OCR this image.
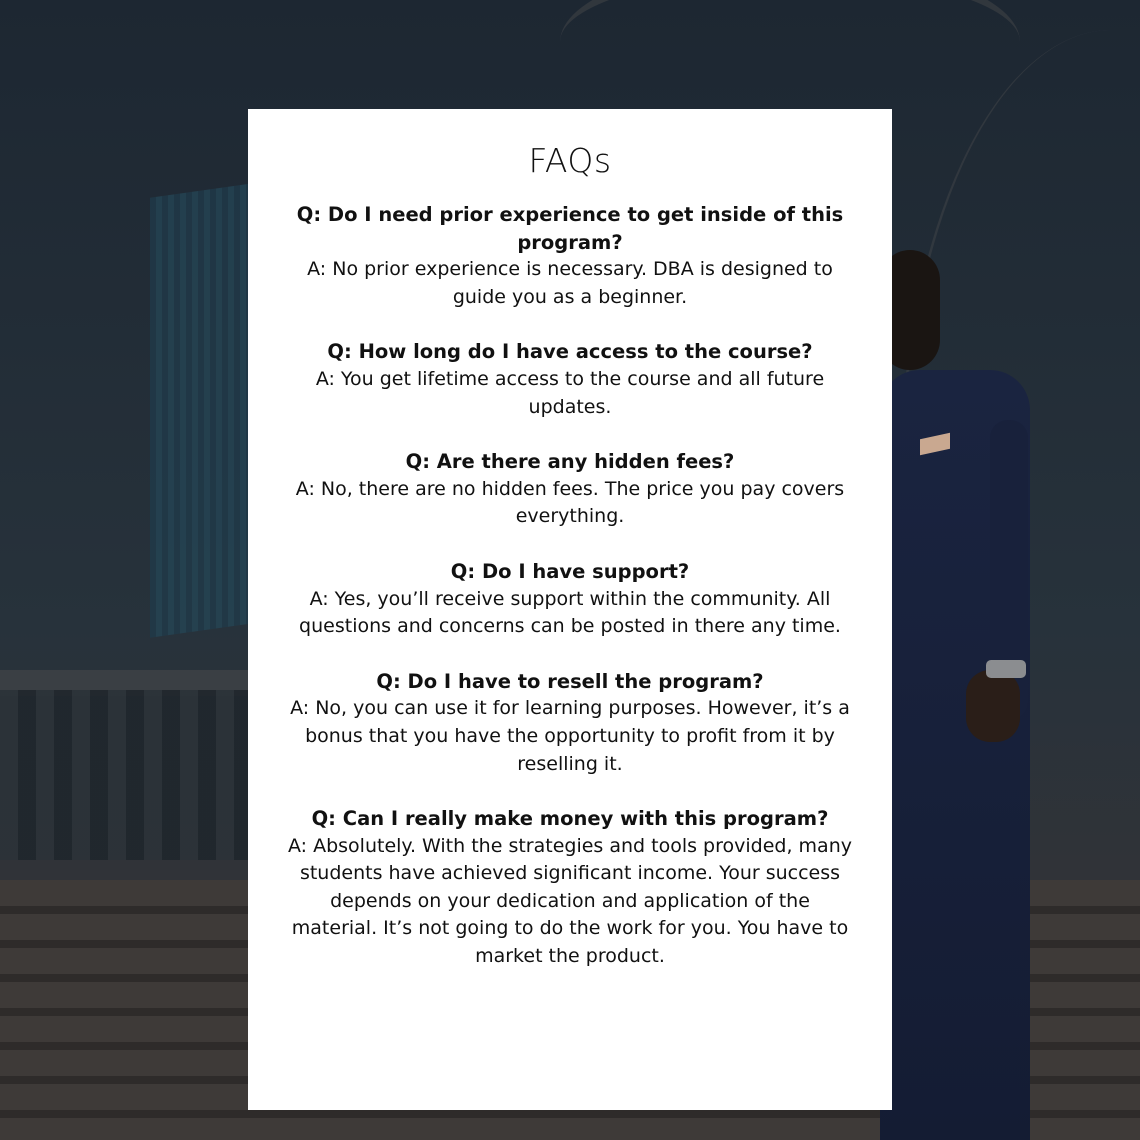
FAQs

Q: Do I need prior experience to get inside of this program?

A: No prior experience is necessary. DBA is designed to guide you as a beginner.

Q: How long do I have access to the course?

A: You get lifetime access to the course and all future updates.

Q: Are there any hidden fees?

A: No, there are no hidden fees. The price you pay covers everything.

Q: Do I have support?

A: Yes, you’ll receive support within the community. All questions and concerns can be posted in there any time.

Q: Do I have to resell the program?

A: No, you can use it for learning purposes. However, it’s a bonus that you have the opportunity to profit from it by reselling it.

Q: Can I really make money with this program?

A: Absolutely. With the strategies and tools provided, many students have achieved significant income. Your success depends on your dedication and application of the material. It’s not going to do the work for you. You have to market the product.
